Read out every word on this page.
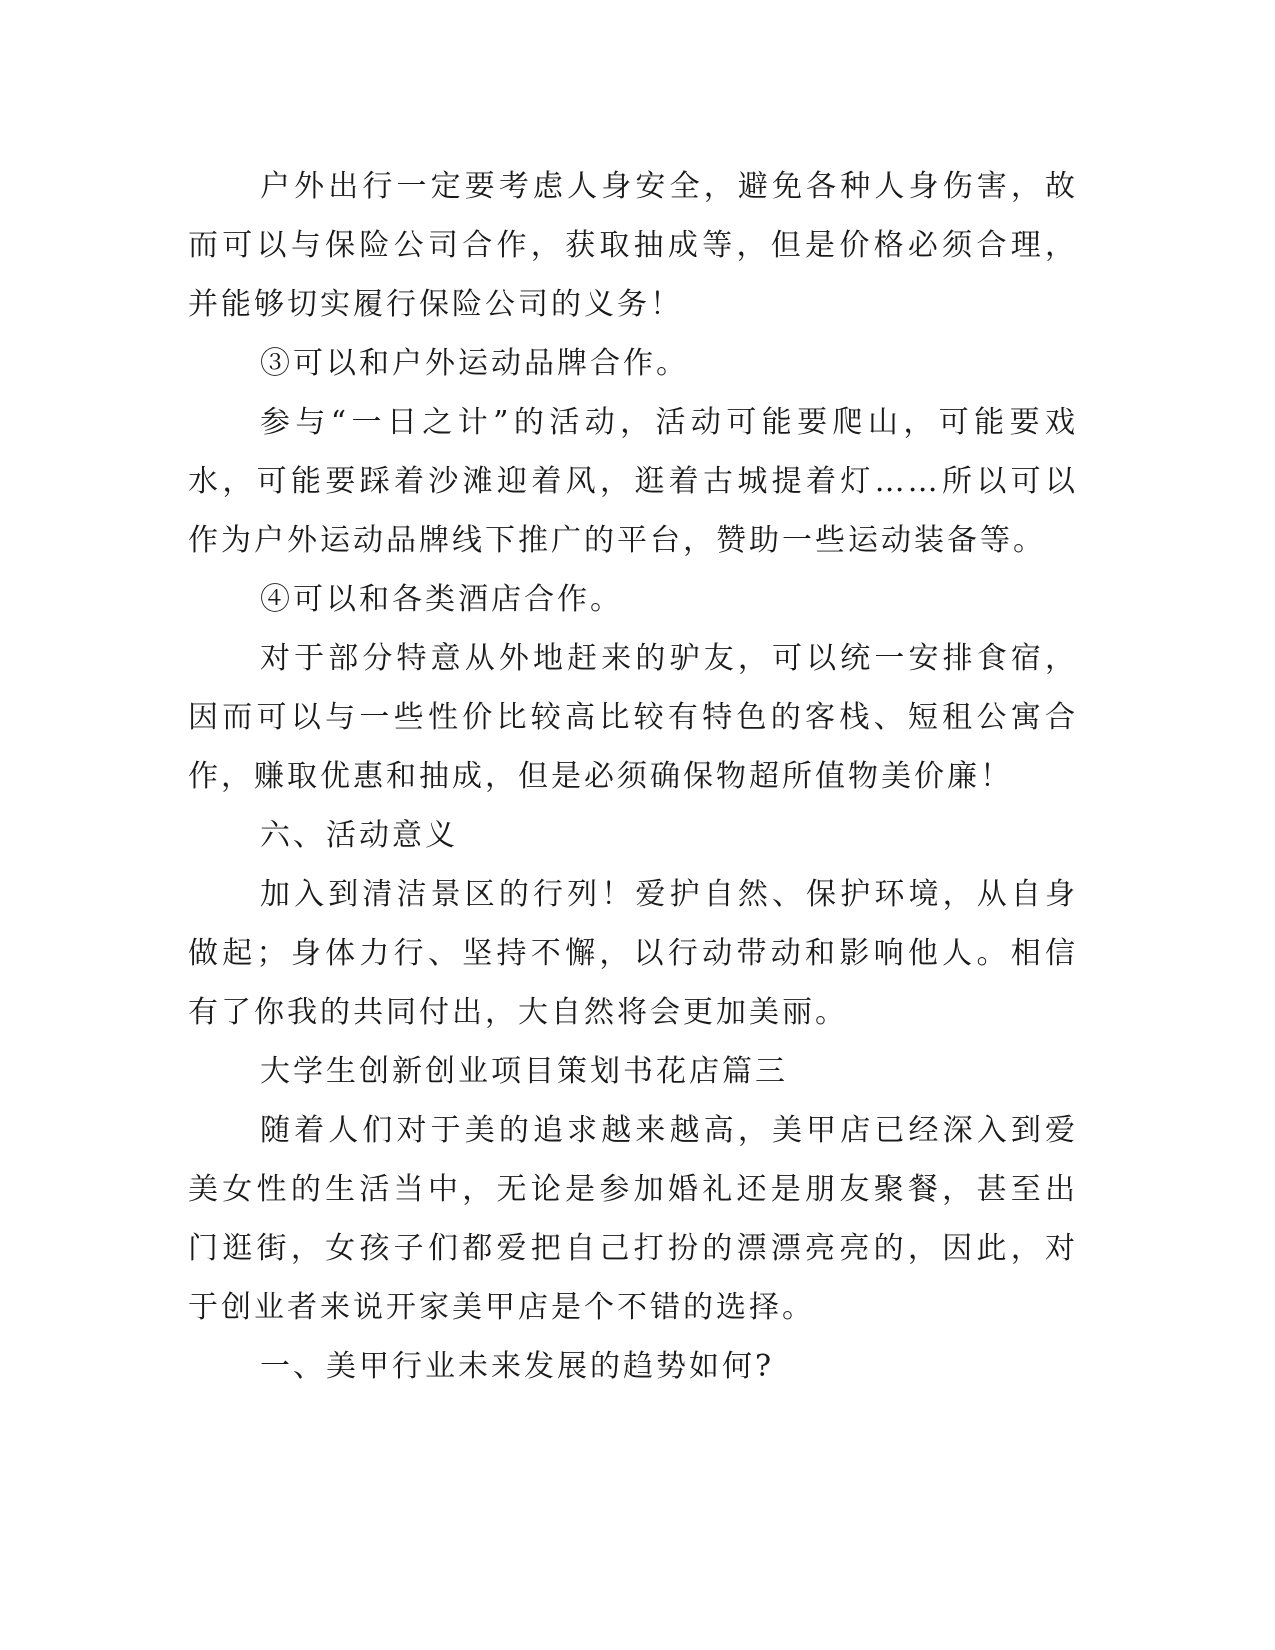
户外出行一定要考虑人身安全，避免各种人身伤害，故而可以与保险公司合作，获取抽成等，但是价格必须合理，并能够切实履行保险公司的义务！

③可以和户外运动品牌合作。

参与“一日之计”的活动，活动可能要爬山，可能要戏水，可能要踩着沙滩迎着风，逛着古城提着灯……所以可以作为户外运动品牌线下推广的平台，赞助一些运动装备等。

④可以和各类酒店合作。

对于部分特意从外地赶来的驴友，可以统一安排食宿，因而可以与一些性价比较高比较有特色的客栈、短租公寓合作，赚取优惠和抽成，但是必须确保物超所值物美价廉！

六、活动意义

加入到清洁景区的行列！爱护自然、保护环境，从自身做起；身体力行、坚持不懈，以行动带动和影响他人。相信有了你我的共同付出，大自然将会更加美丽。

大学生创新创业项目策划书花店篇三

随着人们对于美的追求越来越高，美甲店已经深入到爱美女性的生活当中，无论是参加婚礼还是朋友聚餐，甚至出门逛街，女孩子们都爱把自己打扮的漂漂亮亮的，因此，对于创业者来说开家美甲店是个不错的选择。

一、美甲行业未来发展的趋势如何?
